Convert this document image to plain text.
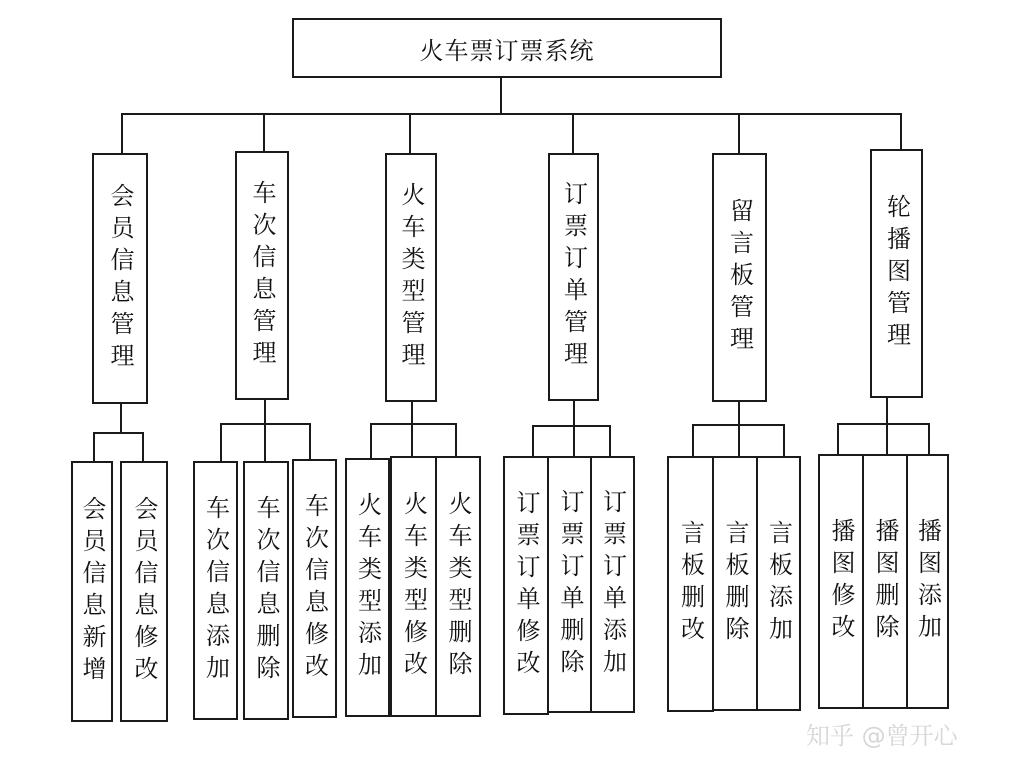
火车票订票系统
会员信息管理
会员信息新增 会员信息修改
车次信息管理
车次信息添加 车次信息删除 车次信息修改
火车类型管理
火车类型添加 火车类型修改 火车类型删除
订票订单管理
订票订单修改 订票订单删除 订票订单添加
留言板管理
言板删改 言板删除 言板添加
轮播图管理
播图修改 播图删除 播图添加
知乎 @曾开心
